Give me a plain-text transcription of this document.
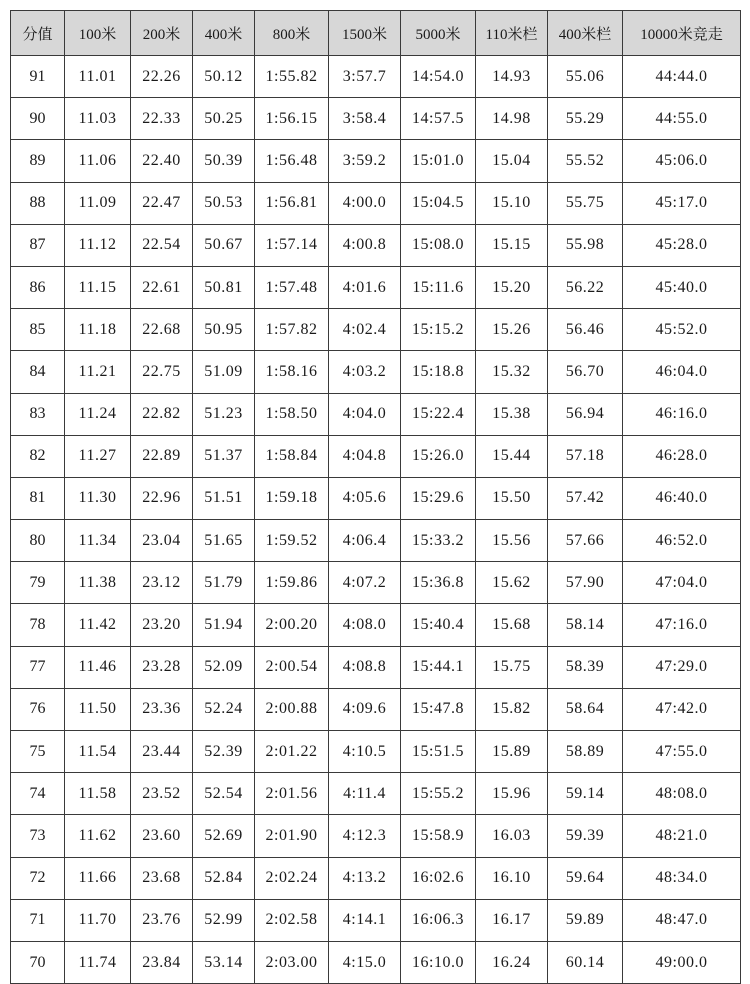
分值	100米	200米	400米	800米	1500米	5000米	110米栏	400米栏	10000米竞走
91	11.01	22.26	50.12	1:55.82	3:57.7	14:54.0	14.93	55.06	44:44.0
90	11.03	22.33	50.25	1:56.15	3:58.4	14:57.5	14.98	55.29	44:55.0
89	11.06	22.40	50.39	1:56.48	3:59.2	15:01.0	15.04	55.52	45:06.0
88	11.09	22.47	50.53	1:56.81	4:00.0	15:04.5	15.10	55.75	45:17.0
87	11.12	22.54	50.67	1:57.14	4:00.8	15:08.0	15.15	55.98	45:28.0
86	11.15	22.61	50.81	1:57.48	4:01.6	15:11.6	15.20	56.22	45:40.0
85	11.18	22.68	50.95	1:57.82	4:02.4	15:15.2	15.26	56.46	45:52.0
84	11.21	22.75	51.09	1:58.16	4:03.2	15:18.8	15.32	56.70	46:04.0
83	11.24	22.82	51.23	1:58.50	4:04.0	15:22.4	15.38	56.94	46:16.0
82	11.27	22.89	51.37	1:58.84	4:04.8	15:26.0	15.44	57.18	46:28.0
81	11.30	22.96	51.51	1:59.18	4:05.6	15:29.6	15.50	57.42	46:40.0
80	11.34	23.04	51.65	1:59.52	4:06.4	15:33.2	15.56	57.66	46:52.0
79	11.38	23.12	51.79	1:59.86	4:07.2	15:36.8	15.62	57.90	47:04.0
78	11.42	23.20	51.94	2:00.20	4:08.0	15:40.4	15.68	58.14	47:16.0
77	11.46	23.28	52.09	2:00.54	4:08.8	15:44.1	15.75	58.39	47:29.0
76	11.50	23.36	52.24	2:00.88	4:09.6	15:47.8	15.82	58.64	47:42.0
75	11.54	23.44	52.39	2:01.22	4:10.5	15:51.5	15.89	58.89	47:55.0
74	11.58	23.52	52.54	2:01.56	4:11.4	15:55.2	15.96	59.14	48:08.0
73	11.62	23.60	52.69	2:01.90	4:12.3	15:58.9	16.03	59.39	48:21.0
72	11.66	23.68	52.84	2:02.24	4:13.2	16:02.6	16.10	59.64	48:34.0
71	11.70	23.76	52.99	2:02.58	4:14.1	16:06.3	16.17	59.89	48:47.0
70	11.74	23.84	53.14	2:03.00	4:15.0	16:10.0	16.24	60.14	49:00.0
